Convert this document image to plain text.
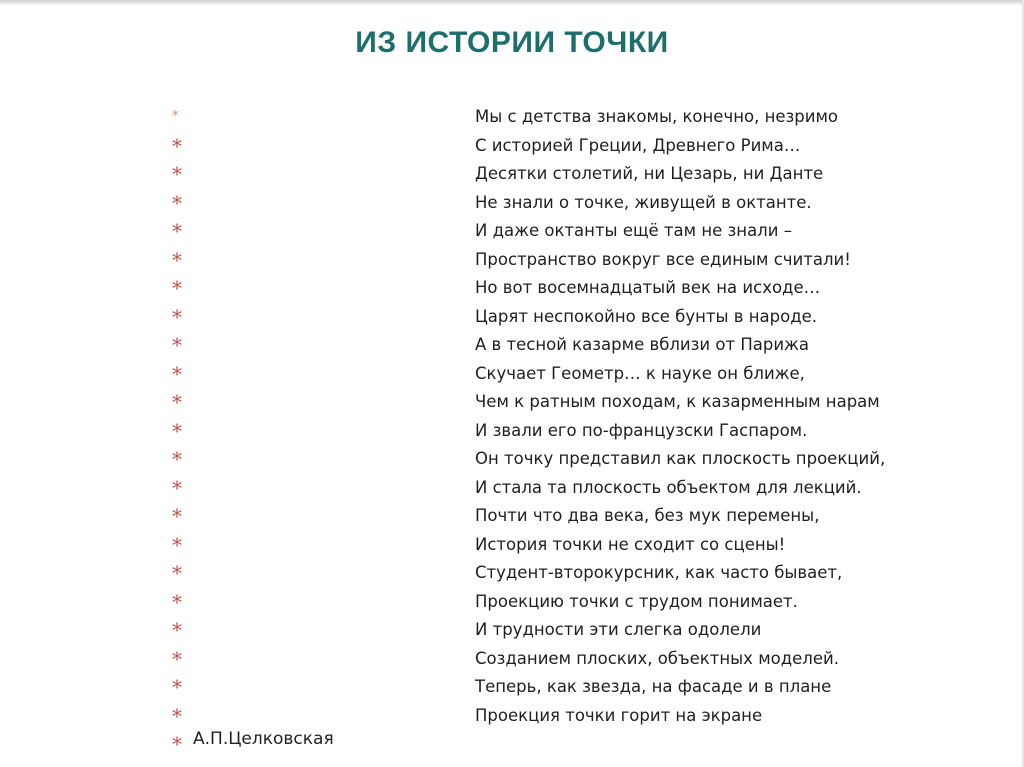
ИЗ ИСТОРИИ ТОЧКИ
*
*
*
*
*
*
*
*
*
*
*
*
*
*
*
*
*
*
*
*
*
*
* А.П.Целковская
Мы с детства знакомы, конечно, незримо
С историей Греции, Древнего Рима…
Десятки столетий, ни Цезарь, ни Данте
Не знали о точке, живущей в октанте.
И даже октанты ещё там не знали –
Пространство вокруг все единым считали!
Но вот восемнадцатый век на исходе…
Царят неспокойно все бунты в народе.
А в тесной казарме вблизи от Парижа
Скучает Геометр… к науке он ближе,
Чем к ратным походам, к казарменным нарам
И звали его по-французски Гаспаром.
Он точку представил как плоскость проекций,
И стала та плоскость объектом для лекций.
Почти что два века, без мук перемены,
История точки не сходит со сцены!
Студент-второкурсник, как часто бывает,
Проекцию точки с трудом понимает.
И трудности эти слегка одолели
Созданием плоских, объектных моделей.
Теперь, как звезда, на фасаде и в плане
Проекция точки горит на экране
